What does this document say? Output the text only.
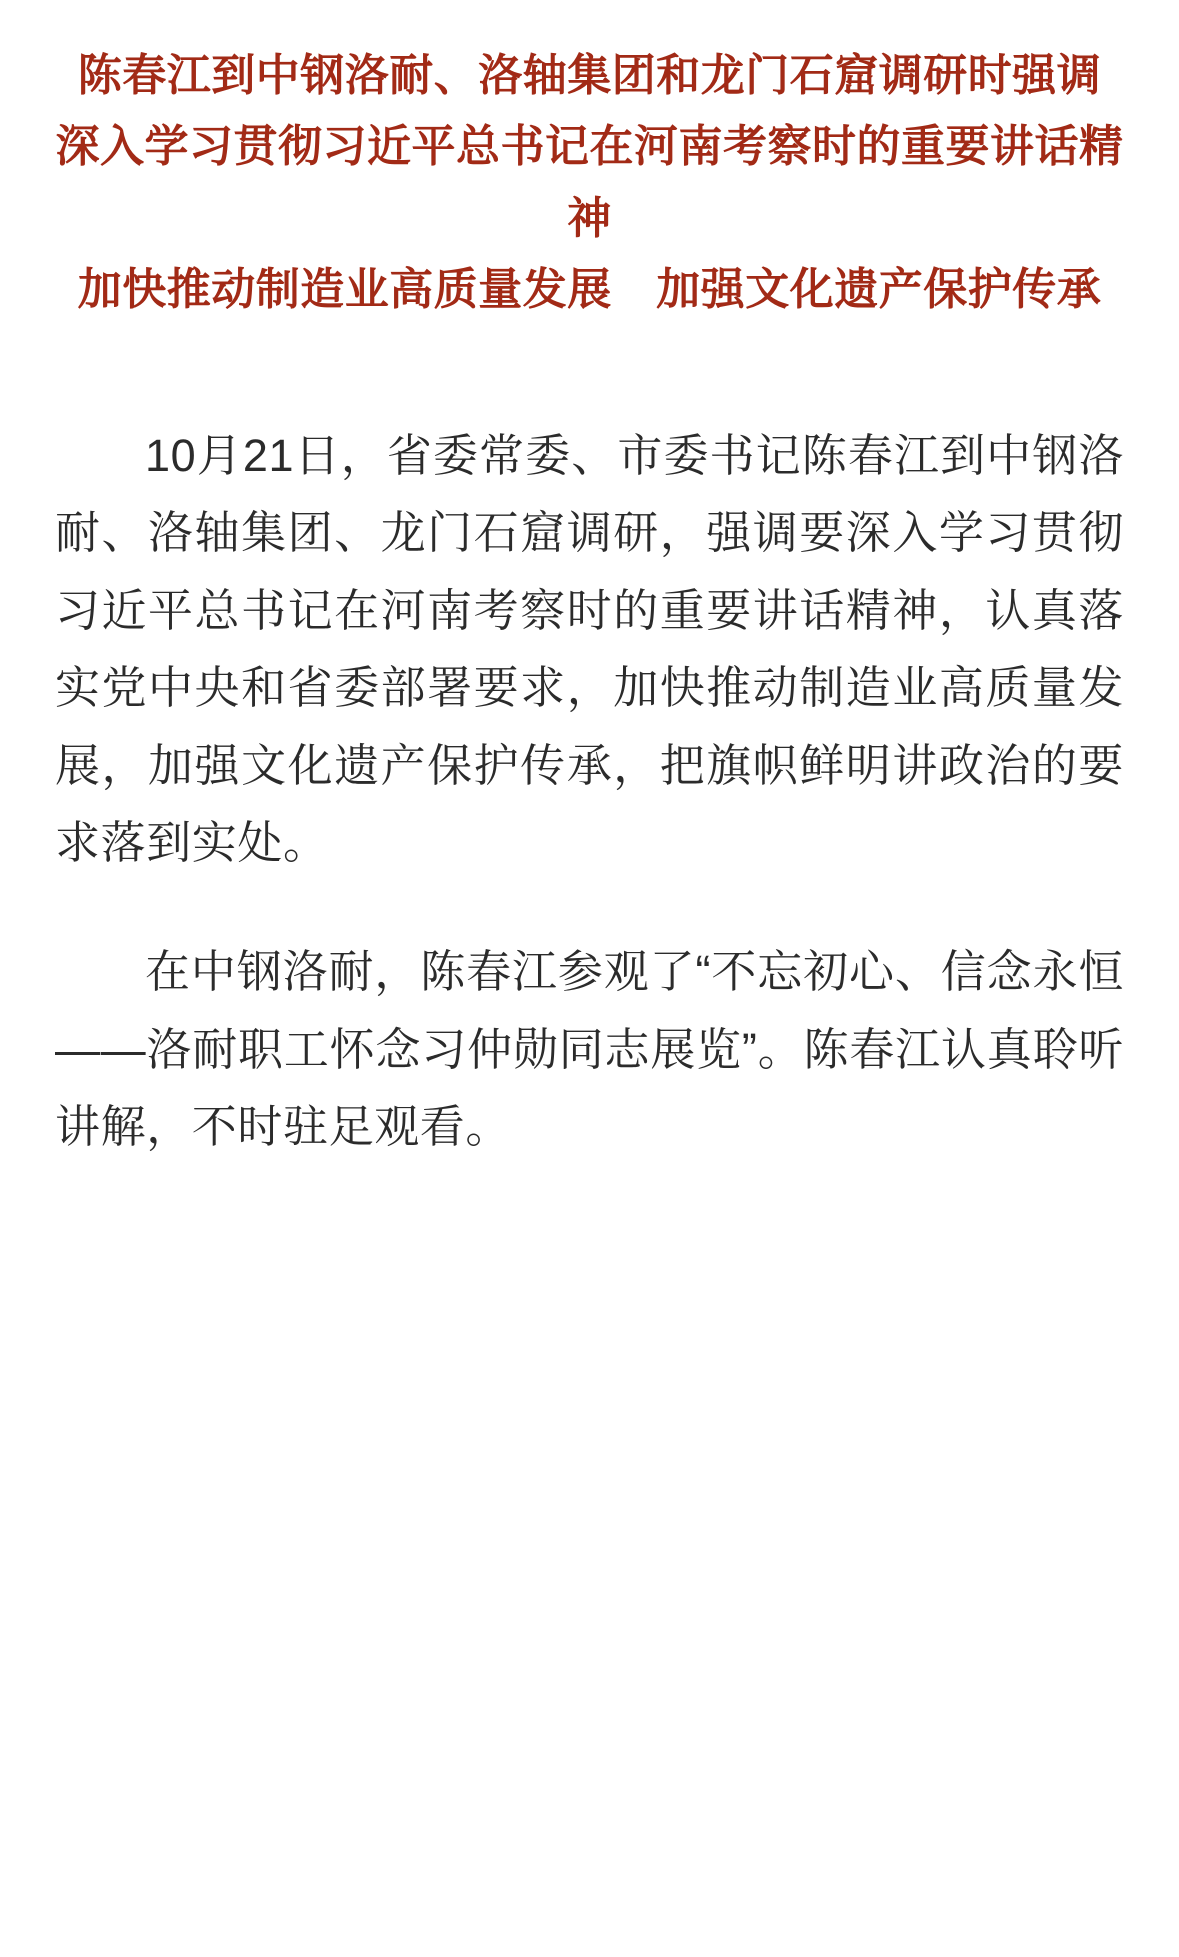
陈春江到中钢洛耐、洛轴集团和龙门石窟调研时强调
深入学习贯彻习近平总书记在河南考察时的重要讲话精神
加快推动制造业高质量发展　加强文化遗产保护传承

10月21日，省委常委、市委书记陈春江到中钢洛耐、洛轴集团、龙门石窟调研，强调要深入学习贯彻习近平总书记在河南考察时的重要讲话精神，认真落实党中央和省委部署要求，加快推动制造业高质量发展，加强文化遗产保护传承，把旗帜鲜明讲政治的要求落到实处。

在中钢洛耐，陈春江参观了“不忘初心、信念永恒——洛耐职工怀念习仲勋同志展览”。陈春江认真聆听讲解，不时驻足观看。
